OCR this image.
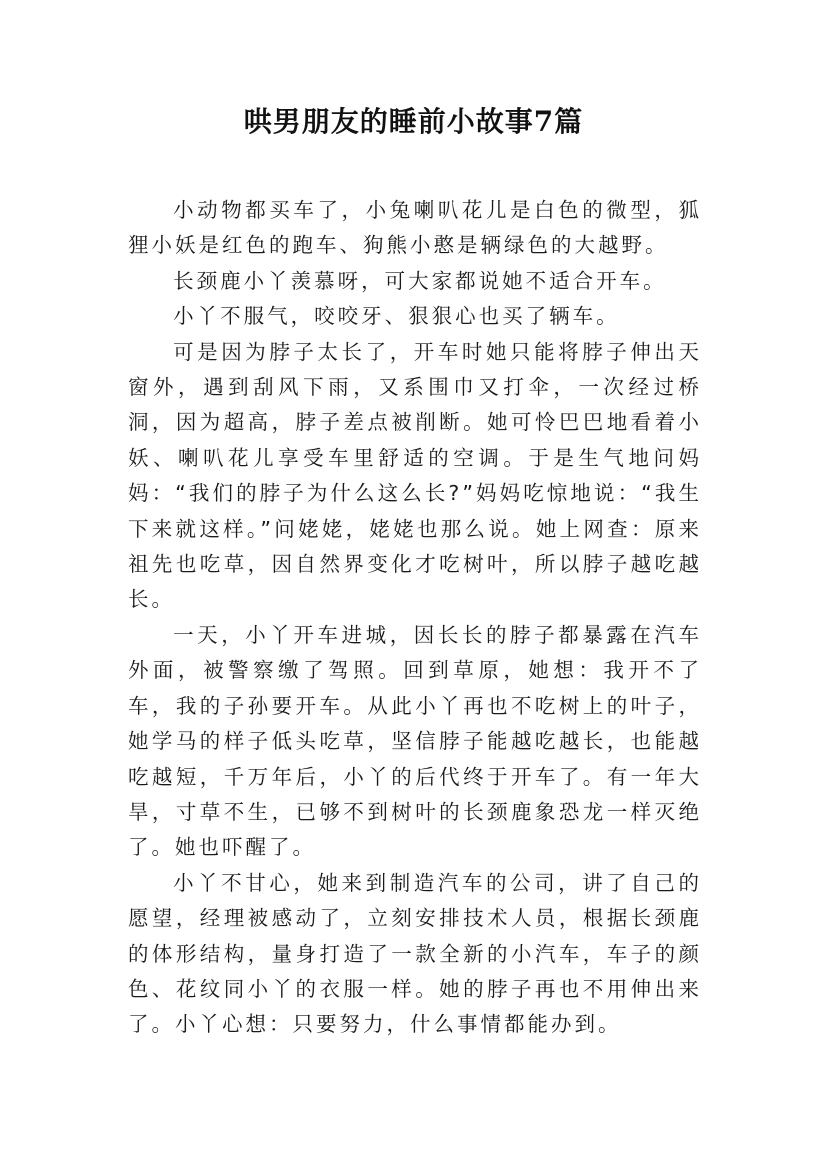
哄男朋友的睡前小故事7篇

小动物都买车了，小兔喇叭花儿是白色的微型，狐狸小妖是红色的跑车、狗熊小憨是辆绿色的大越野。

长颈鹿小丫羡慕呀，可大家都说她不适合开车。

小丫不服气，咬咬牙、狠狠心也买了辆车。

可是因为脖子太长了，开车时她只能将脖子伸出天窗外，遇到刮风下雨，又系围巾又打伞，一次经过桥洞，因为超高，脖子差点被削断。她可怜巴巴地看着小妖、喇叭花儿享受车里舒适的空调。于是生气地问妈妈：“我们的脖子为什么这么长?”妈妈吃惊地说：“我生下来就这样。”问姥姥，姥姥也那么说。她上网查：原来祖先也吃草，因自然界变化才吃树叶，所以脖子越吃越长。

一天，小丫开车进城，因长长的脖子都暴露在汽车外面，被警察缴了驾照。回到草原，她想：我开不了车，我的子孙要开车。从此小丫再也不吃树上的叶子，她学马的样子低头吃草，坚信脖子能越吃越长，也能越吃越短，千万年后，小丫的后代终于开车了。有一年大旱，寸草不生，已够不到树叶的长颈鹿象恐龙一样灭绝了。她也吓醒了。

小丫不甘心，她来到制造汽车的公司，讲了自己的愿望，经理被感动了，立刻安排技术人员，根据长颈鹿的体形结构，量身打造了一款全新的小汽车，车子的颜色、花纹同小丫的衣服一样。她的脖子再也不用伸出来了。小丫心想：只要努力，什么事情都能办到。
